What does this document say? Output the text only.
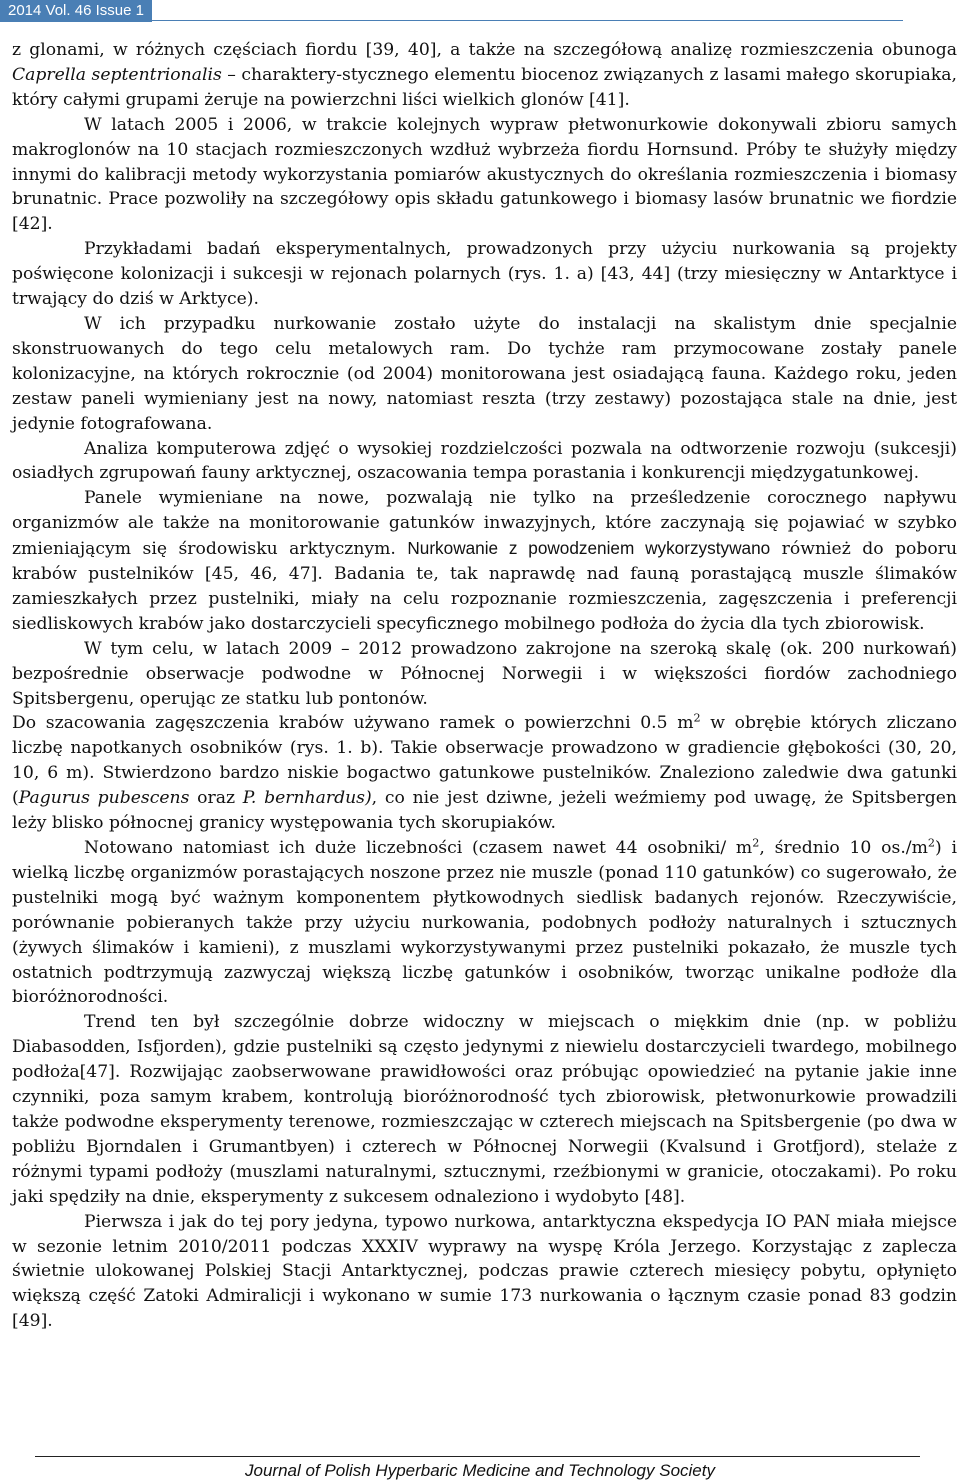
2014 Vol. 46 Issue 1

z glonami, w różnych częściach fiordu [39, 40], a także na szczegółową analizę rozmieszczenia obunoga Caprella septentrionalis – charaktery-stycznego elementu biocenoz związanych z lasami małego skorupiaka, który całymi grupami żeruje na powierzchni liści wielkich glonów [41].

W latach 2005 i 2006, w trakcie kolejnych wypraw płetwonurkowie dokonywali zbioru samych makroglonów na 10 stacjach rozmieszczonych wzdłuż wybrzeża fiordu Hornsund. Próby te służyły między innymi do kalibracji metody wykorzystania pomiarów akustycznych do określania rozmieszczenia i biomasy brunatnic. Prace pozwoliły na szczegółowy opis składu gatunkowego i biomasy lasów brunatnic we fiordzie [42].

Przykładami badań eksperymentalnych, prowadzonych przy użyciu nurkowania są projekty poświęcone kolonizacji i sukcesji w rejonach polarnych (rys. 1. a) [43, 44] (trzy miesięczny w Antarktyce i trwający do dziś w Arktyce).

W ich przypadku nurkowanie zostało użyte do instalacji na skalistym dnie specjalnie skonstruowanych do tego celu metalowych ram. Do tychże ram przymocowane zostały panele kolonizacyjne, na których rokrocznie (od 2004) monitorowana jest osiadającą fauna. Każdego roku, jeden zestaw paneli wymieniany jest na nowy, natomiast reszta (trzy zestawy) pozostająca stale na dnie, jest jedynie fotografowana.

Analiza komputerowa zdjęć o wysokiej rozdzielczości pozwala na odtworzenie rozwoju (sukcesji) osiadłych zgrupowań fauny arktycznej, oszacowania tempa porastania i konkurencji międzygatunkowej.

Panele wymieniane na nowe, pozwalają nie tylko na prześledzenie corocznego napływu organizmów ale także na monitorowanie gatunków inwazyjnych, które zaczynają się pojawiać w szybko zmieniającym się środowisku arktycznym. Nurkowanie z powodzeniem wykorzystywano również do poboru krabów pustelników [45, 46, 47]. Badania te, tak naprawdę nad fauną porastającą muszle ślimaków zamieszkałych przez pustelniki, miały na celu rozpoznanie rozmieszczenia, zagęszczenia i preferencji siedliskowych krabów jako dostarczycieli specyficznego mobilnego podłoża do życia dla tych zbiorowisk.

W tym celu, w latach 2009 – 2012 prowadzono zakrojone na szeroką skalę (ok. 200 nurkowań) bezpośrednie obserwacje podwodne w Północnej Norwegii i w większości fiordów zachodniego Spitsbergenu, operując ze statku lub pontonów.

Do szacowania zagęszczenia krabów używano ramek o powierzchni 0.5 $m^2$ w obrębie których zliczano liczbę napotkanych osobników (rys. 1. b). Takie obserwacje prowadzono w gradiencie głębokości (30, 20, 10, 6 m). Stwierdzono bardzo niskie bogactwo gatunkowe pustelników. Znaleziono zaledwie dwa gatunki (Pagurus pubescens oraz P. bernhardus), co nie jest dziwne, jeżeli weźmiemy pod uwagę, że Spitsbergen leży blisko północnej granicy występowania tych skorupiaków.

Notowano natomiast ich duże liczebności (czasem nawet 44 osobniki/ $m^2$, średnio 10 $os./m^2$) i wielką liczbę organizmów porastających noszone przez nie muszle (ponad 110 gatunków) co sugerowało, że pustelniki mogą być ważnym komponentem płytkowodnych siedlisk badanych rejonów. Rzeczywiście, porównanie pobieranych także przy użyciu nurkowania, podobnych podłoży naturalnych i sztucznych (żywych ślimaków i kamieni), z muszlami wykorzystywanymi przez pustelniki pokazało, że muszle tych ostatnich podtrzymują zazwyczaj większą liczbę gatunków i osobników, tworząc unikalne podłoże dla bioróżnorodności.

Trend ten był szczególnie dobrze widoczny w miejscach o miękkim dnie (np. w pobliżu Diabasodden, Isfjorden), gdzie pustelniki są często jedynymi z niewielu dostarczycieli twardego, mobilnego podłoża[47]. Rozwijając zaobserwowane prawidłowości oraz próbując opowiedzieć na pytanie jakie inne czynniki, poza samym krabem, kontrolują bioróżnorodność tych zbiorowisk, płetwonurkowie prowadzili także podwodne eksperymenty terenowe, rozmieszczając w czterech miejscach na Spitsbergenie (po dwa w pobliżu Bjorndalen i Grumantbyen) i czterech w Północnej Norwegii (Kvalsund i Grotfjord), stelaże z różnymi typami podłoży (muszlami naturalnymi, sztucznymi, rzeźbionymi w granicie, otoczakami). Po roku jaki spędziły na dnie, eksperymenty z sukcesem odnaleziono i wydobyto [48].

Pierwsza i jak do tej pory jedyna, typowo nurkowa, antarktyczna ekspedycja IO PAN miała miejsce w sezonie letnim 2010/2011 podczas XXXIV wyprawy na wyspę Króla Jerzego. Korzystając z zaplecza świetnie ulokowanej Polskiej Stacji Antarktycznej, podczas prawie czterech miesięcy pobytu, opłynięto większą część Zatoki Admiralicji i wykonano w sumie 173 nurkowania o łącznym czasie ponad 83 godzin [49].

Journal of Polish Hyperbaric Medicine and Technology Society
